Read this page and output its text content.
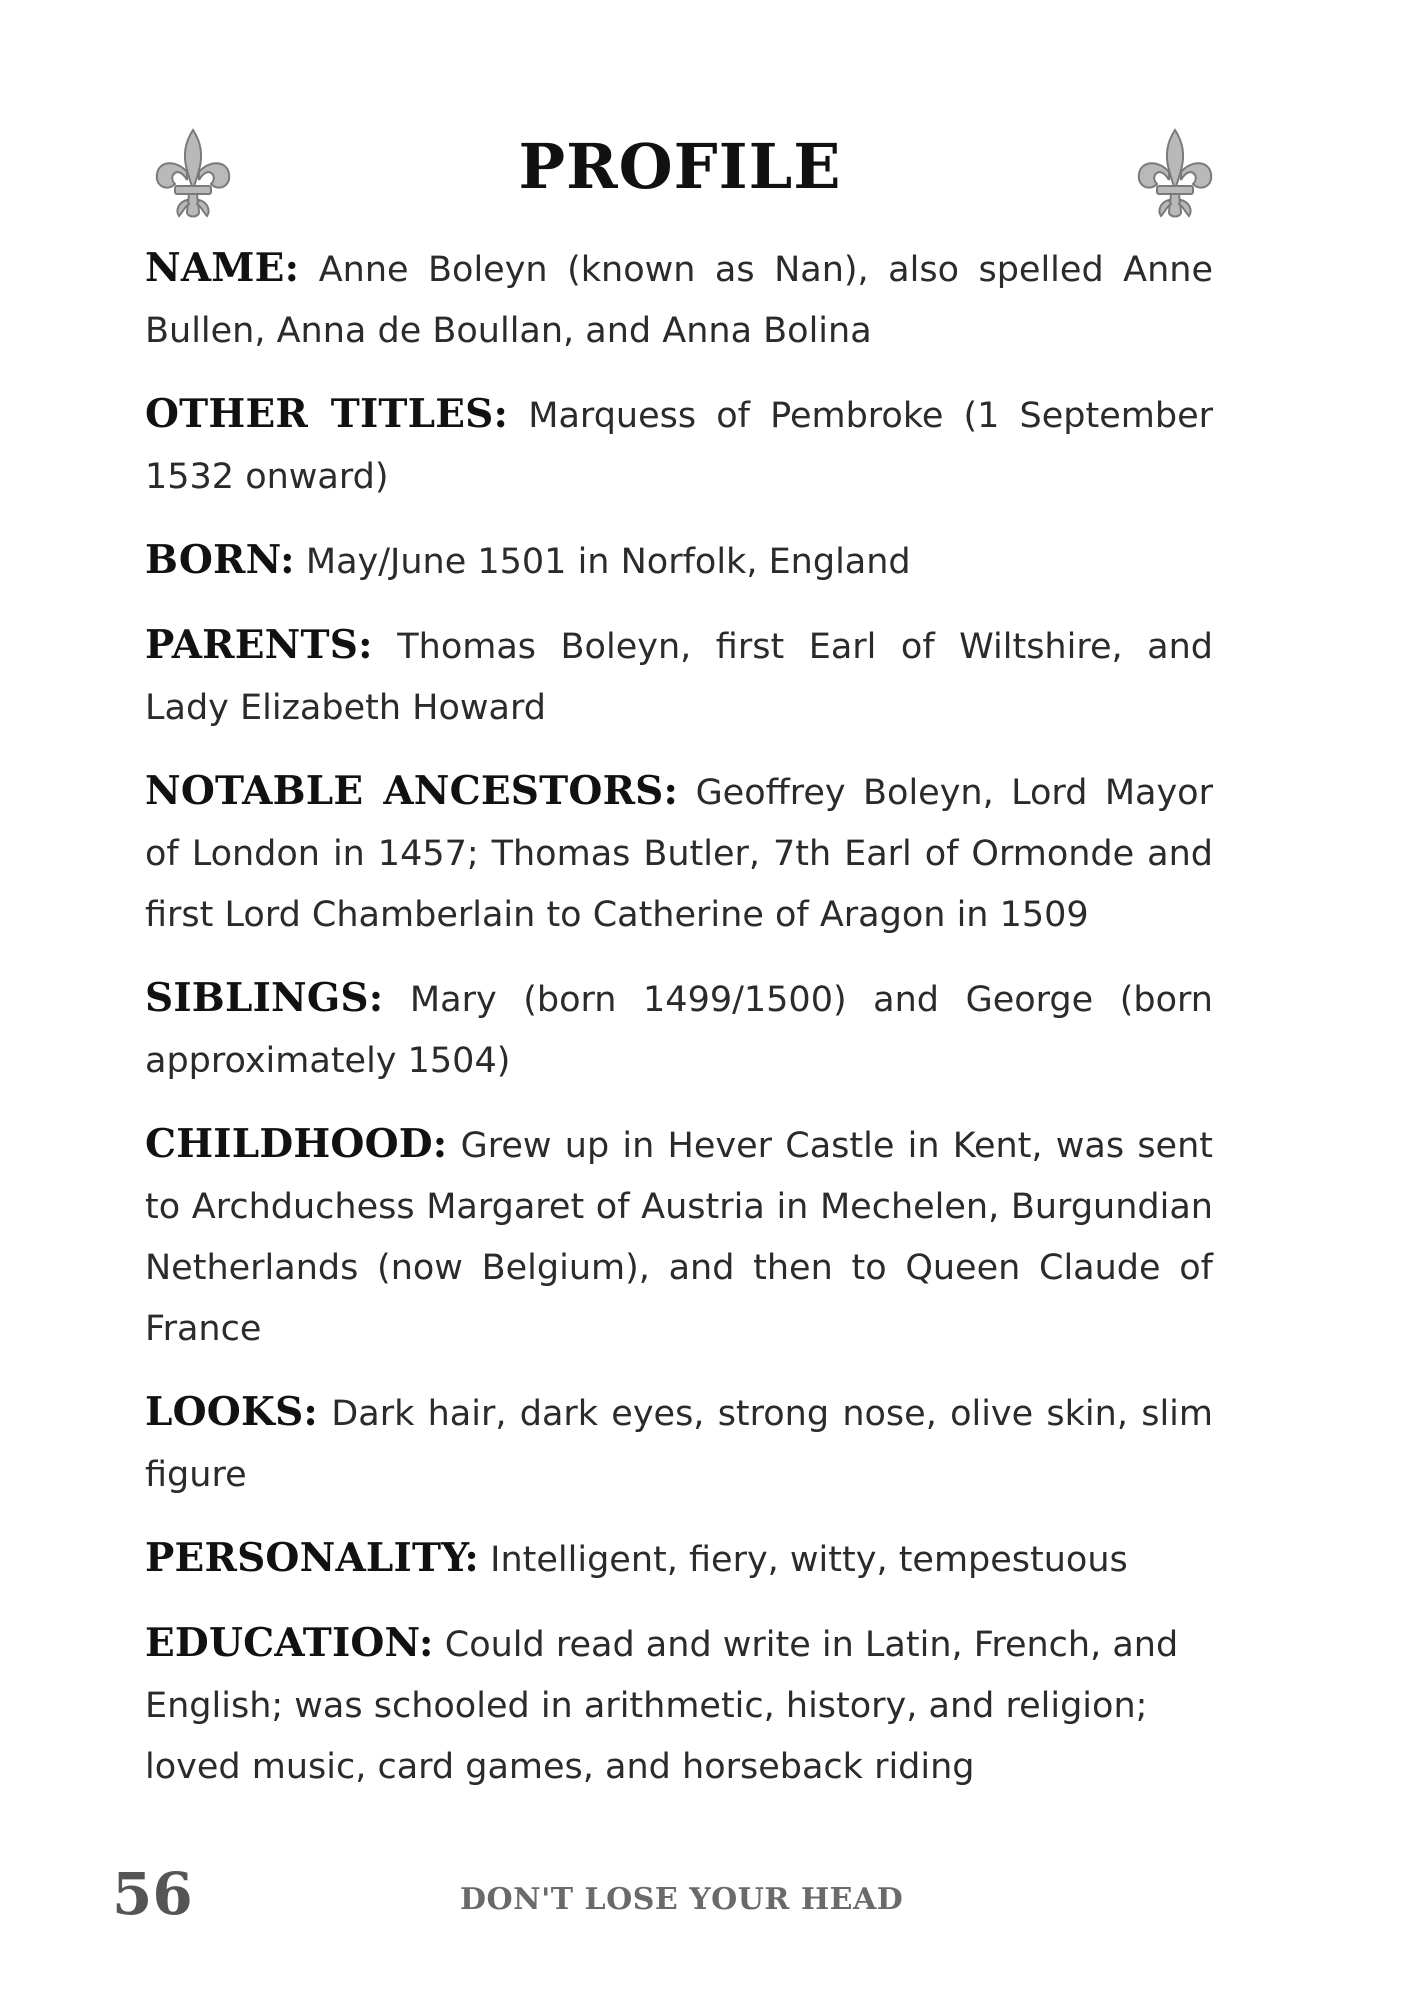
PROFILE

NAME: Anne Boleyn (known as Nan), also spelled Anne Bullen, Anna de Boullan, and Anna Bolina

OTHER TITLES: Marquess of Pembroke (1 September 1532 onward)

BORN: May/June 1501 in Norfolk, England

PARENTS: Thomas Boleyn, first Earl of Wiltshire, and Lady Elizabeth Howard

NOTABLE ANCESTORS: Geoffrey Boleyn, Lord Mayor of London in 1457; Thomas Butler, 7th Earl of Ormonde and first Lord Chamberlain to Catherine of Aragon in 1509

SIBLINGS: Mary (born 1499/1500) and George (born approximately 1504)

CHILDHOOD: Grew up in Hever Castle in Kent, was sent to Archduchess Margaret of Austria in Mechelen, Burgundian Netherlands (now Belgium), and then to Queen Claude of France

LOOKS: Dark hair, dark eyes, strong nose, olive skin, slim figure

PERSONALITY: Intelligent, fiery, witty, tempestuous

EDUCATION: Could read and write in Latin, French, and English; was schooled in arithmetic, history, and religion; loved music, card games, and horseback riding

56	DON'T LOSE YOUR HEAD
